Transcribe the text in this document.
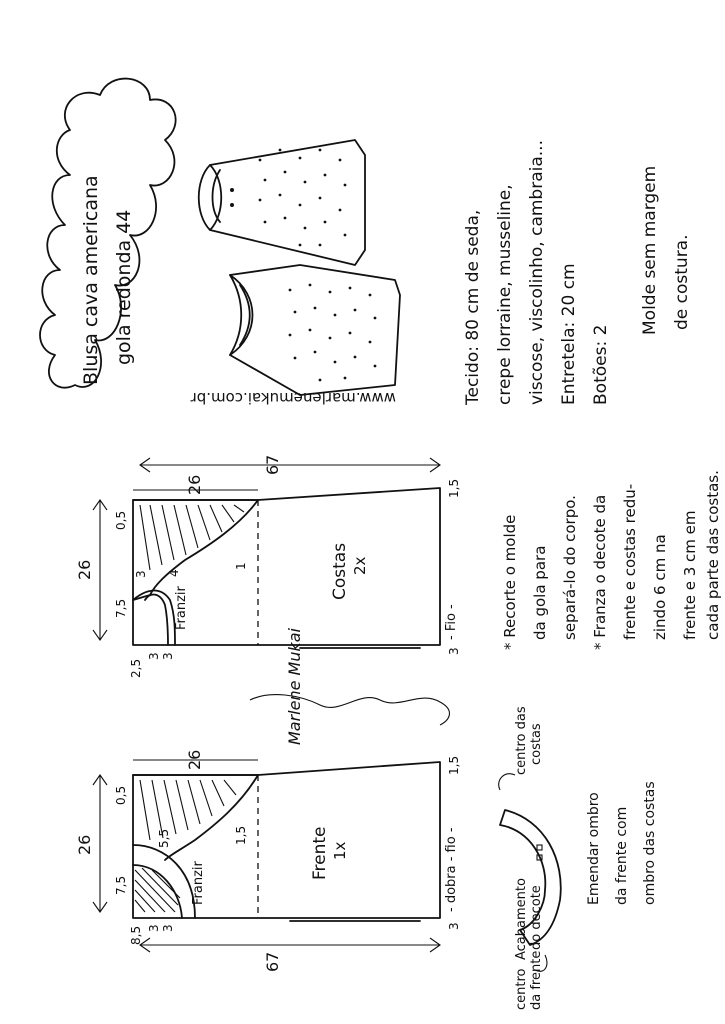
Blusa cava americana gola redonda 44
www.marlenemukai.com.br	Tecido: 80 cm de seda, crepe lorraine, musseline, viscose, viscolinho, cambraia... Entretela: 20 cm Botões: 2
Molde sem margem de costura.
* Recorte o molde da gola para separá-lo do corpo. * Franza o decote da frente e costas redu- zindo 6 cm na frente e 3 cm em cada parte das costas.
Marlene Mukai
Costas 2x
Franzir	- Fio -
67
26
26
0,5
7,5
2,5
3 3
3
3
4
1
1,5
Frente 1x
Franzir	- dobra - fio -
67
26
26
0,5
7,5
8,5 3 3	3
5,5	1,5
1,5
Acabamento do decote
centro das costas
Emendar ombro da frente com ombro das costas
centro da frente
